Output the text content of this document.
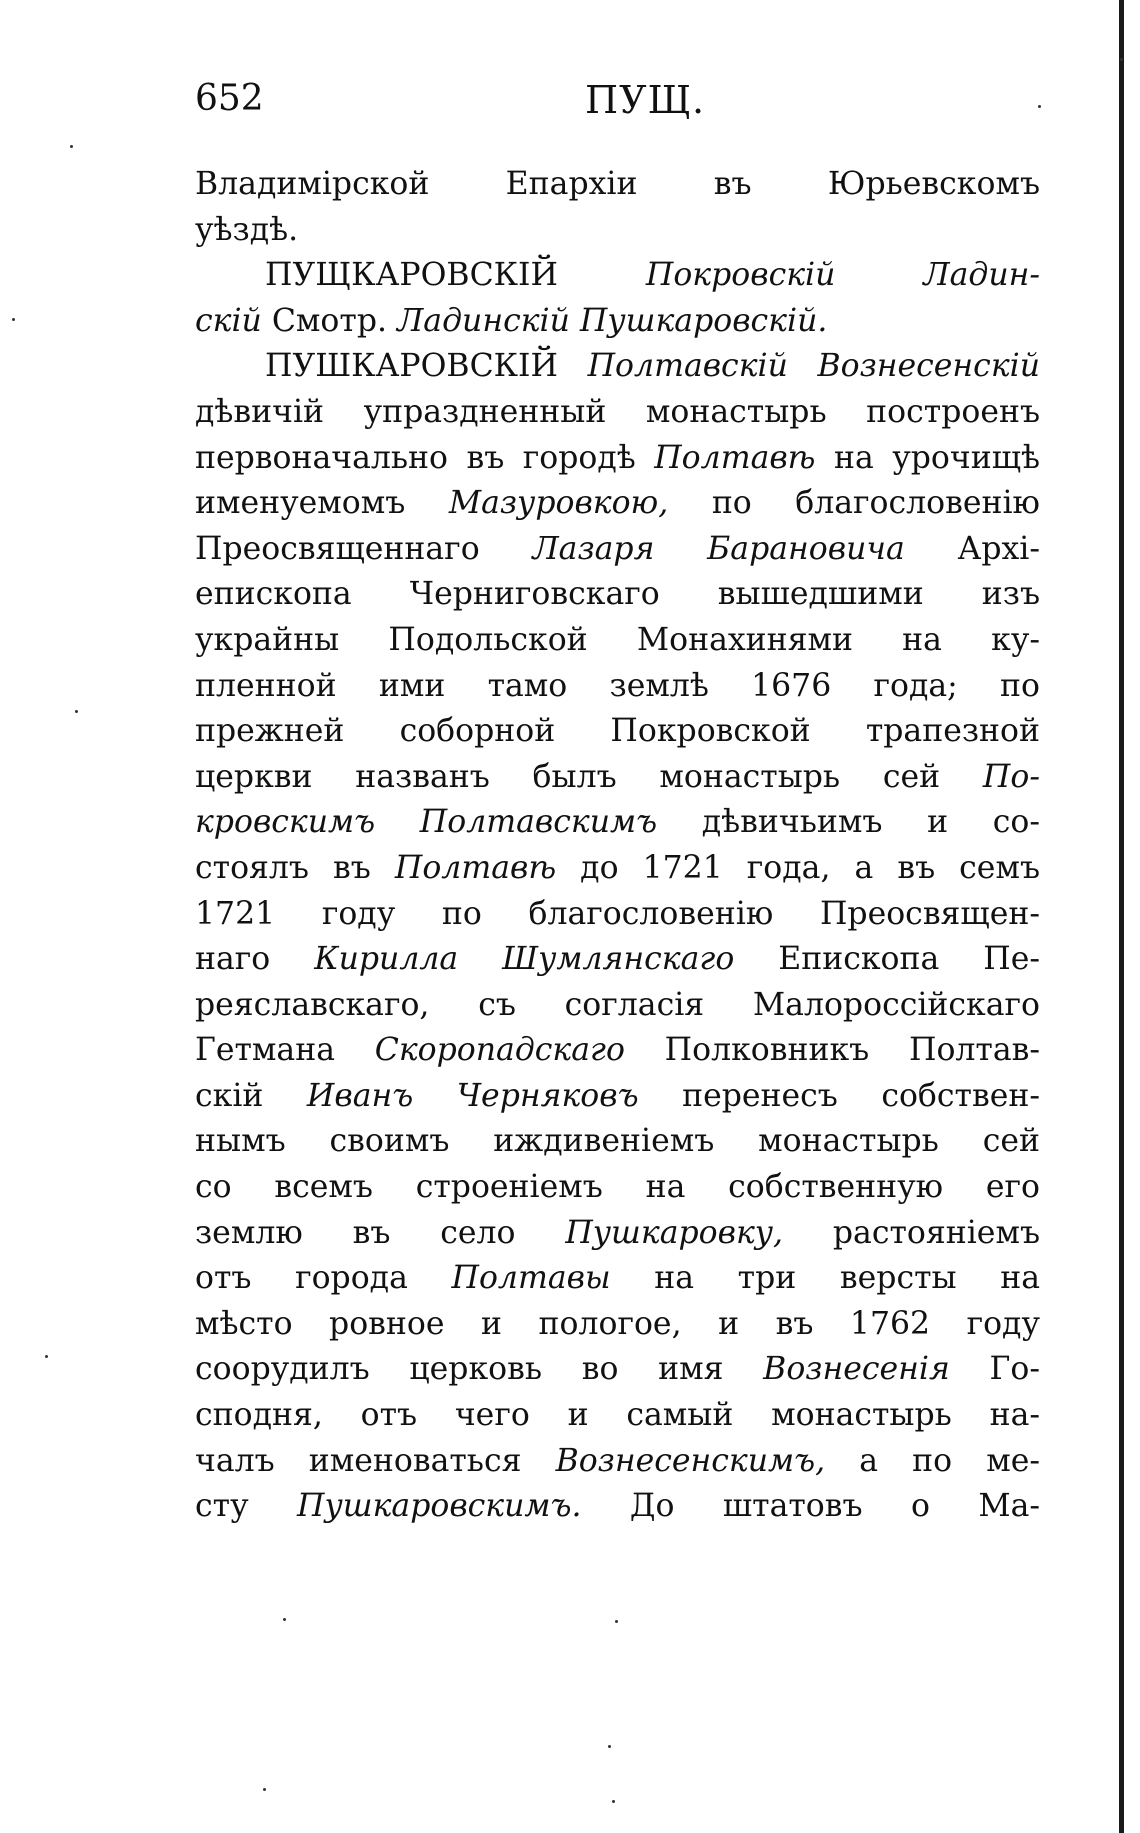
652	ПУЩ.
Владимірской Епархіи въ Юрьевскомъ
уѣздѣ.
ПУЩКАРОВСКІЙ Покровскій Ладин-
скій Смотр. Ладинскій Пушкаровскій.
ПУШКАРОВСКІЙ Полтавскій Вознесенскій
дѣвичій упраздненный монастырь построенъ
первоначально въ городѣ Полтавѣ на урочищѣ
именуемомъ Мазуровкою, по благословенію
Преосвященнаго Лазаря Барановича Архі-
епископа Черниговскаго вышедшими изъ
украйны Подольской Монахинями на ку-
пленной ими тамо землѣ 1676 года; по
прежней соборной Покровской трапезной
церкви названъ былъ монастырь сей По-
кровскимъ Полтавскимъ дѣвичьимъ и со-
стоялъ въ Полтавѣ до 1721 года, а въ семъ
1721 году по благословенію Преосвящен-
наго Кирилла Шумлянскаго Епископа Пе-
реяславскаго, съ согласія Малороссійскаго
Гетмана Скоропадскаго Полковникъ Полтав-
скій Иванъ Черняковъ перенесъ собствен-
нымъ своимъ иждивеніемъ монастырь сей
со всемъ строеніемъ на собственную его
землю въ село Пушкаровку, растояніемъ
отъ города Полтавы на три версты на
мѣсто ровное и пологое, и въ 1762 году
соорудилъ церковь во имя Вознесенія Го-
сподня, отъ чего и самый монастырь на-
чалъ именоваться Вознесенскимъ, а по ме-
сту Пушкаровскимъ. До штатовъ о Ма-
